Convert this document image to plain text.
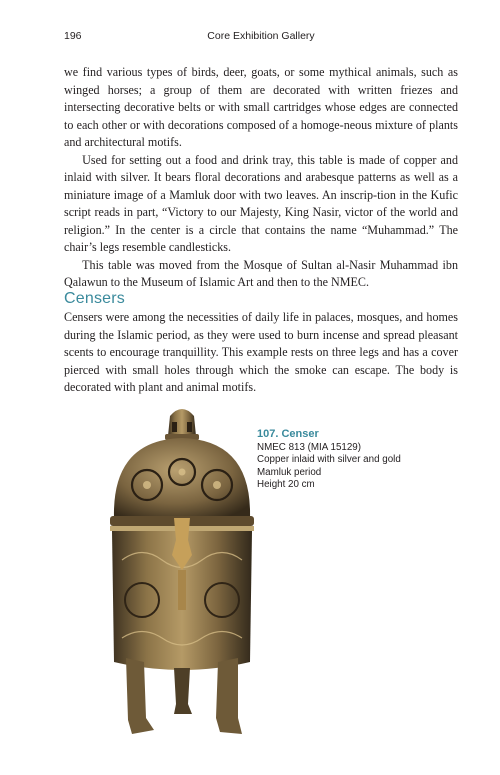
196	Core Exhibition Gallery

we find various types of birds, deer, goats, or some mythical animals, such as winged horses; a group of them are decorated with written friezes and intersecting decorative belts or with small cartridges whose edges are connected to each other or with decorations composed of a homoge-neous mixture of plants and architectural motifs.

Used for setting out a food and drink tray, this table is made of copper and inlaid with silver. It bears floral decorations and arabesque patterns as well as a miniature image of a Mamluk door with two leaves. An inscrip-tion in the Kufic script reads in part, “Victory to our Majesty, King Nasir, victor of the world and religion.” In the center is a circle that contains the name “Muhammad.” The chair’s legs resemble candlesticks.

This table was moved from the Mosque of Sultan al-Nasir Muhammad ibn Qalawun to the Museum of Islamic Art and then to the NMEC.

Censers

Censers were among the necessities of daily life in palaces, mosques, and homes during the Islamic period, as they were used to burn incense and spread pleasant scents to encourage tranquillity. This example rests on three legs and has a cover pierced with small holes through which the smoke can escape. The body is decorated with plant and animal motifs.

107. Censer
NMEC 813 (MIA 15129)
Copper inlaid with silver and gold
Mamluk period
Height 20 cm
